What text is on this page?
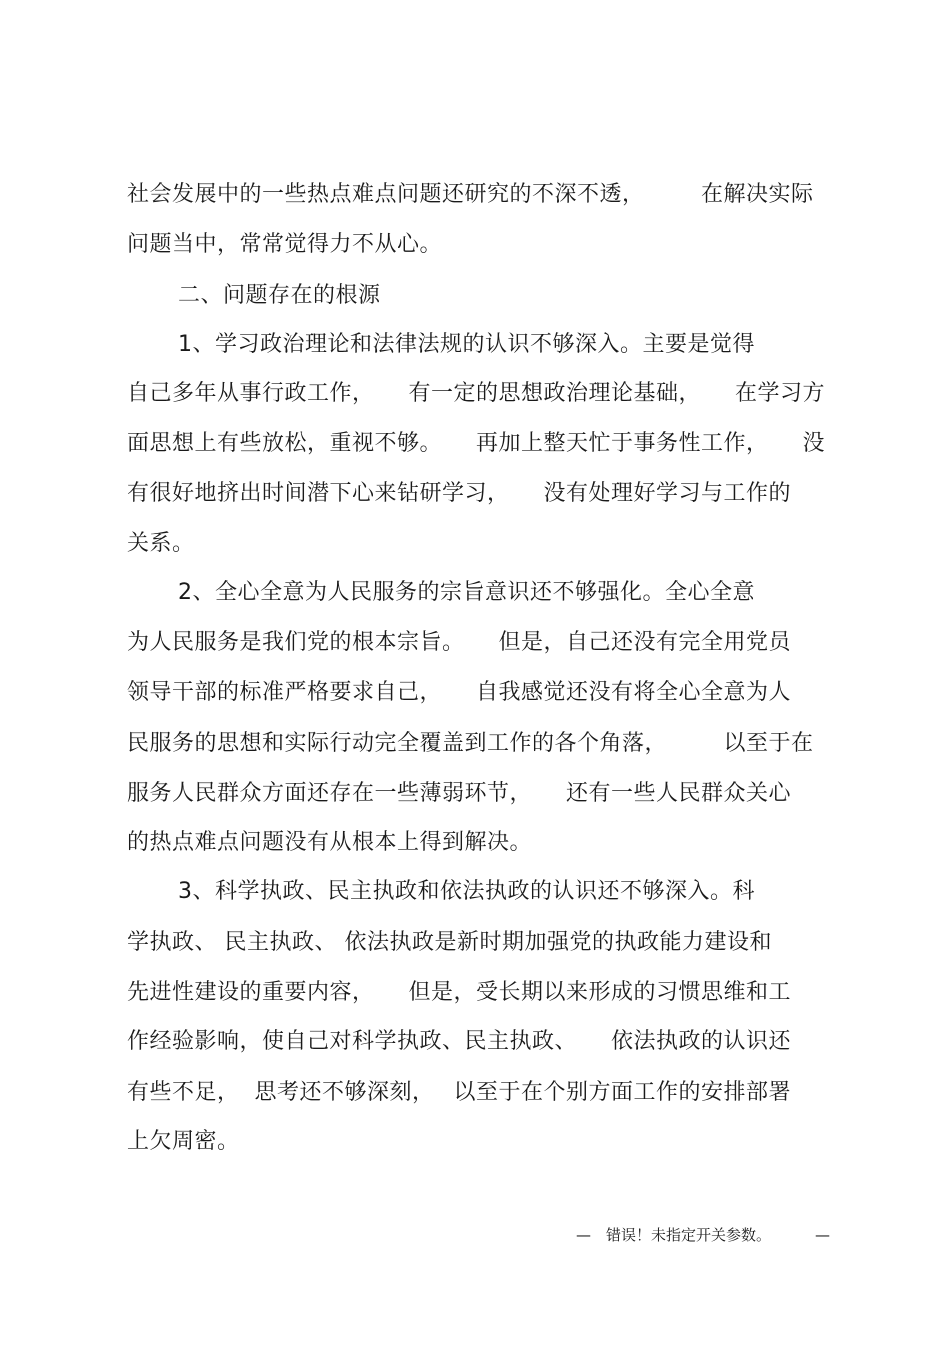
社会发展中的一些热点难点问题还研究的不深不透，　　　在解决实际
问题当中，常常觉得力不从心。
二、问题存在的根源
1、学习政治理论和法律法规的认识不够深入。主要是觉得
自己多年从事行政工作，　　有一定的思想政治理论基础，　　在学习方
面思想上有些放松，重视不够。　　再加上整天忙于事务性工作，　　没
有很好地挤出时间潜下心来钻研学习，　　没有处理好学习与工作的
关系。
2、全心全意为人民服务的宗旨意识还不够强化。全心全意
为人民服务是我们党的根本宗旨。　　但是，自己还没有完全用党员
领导干部的标准严格要求自己，　　自我感觉还没有将全心全意为人
民服务的思想和实际行动完全覆盖到工作的各个角落，　　　以至于在
服务人民群众方面还存在一些薄弱环节，　　还有一些人民群众关心
的热点难点问题没有从根本上得到解决。
3、科学执政、民主执政和依法执政的认识还不够深入。科
学执政、 民主执政、 依法执政是新时期加强党的执政能力建设和
先进性建设的重要内容，　　但是，受长期以来形成的习惯思维和工
作经验影响，使自己对科学执政、民主执政、　　依法执政的认识还
有些不足，  思考还不够深刻，　 以至于在个别方面工作的安排部署
上欠周密。
— 错误！未指定开关参数。	—
